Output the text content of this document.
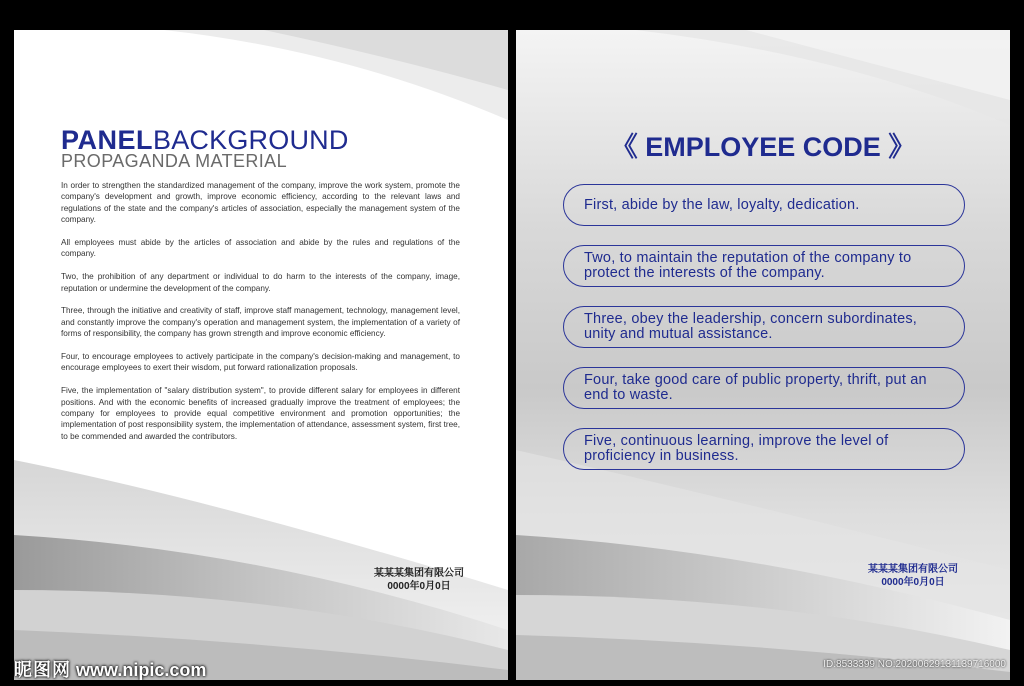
PANELBACKGROUND
PROPAGANDA MATERIAL

In order to strengthen the standardized management of the company, improve the work system, promote the company's development and growth, improve economic efficiency, according to the relevant laws and regulations of the state and the company's articles of association, especially the management system of the company.

All employees must abide by the articles of association and abide by the rules and regulations of the company.

Two, the prohibition of any department or individual to do harm to the interests of the company, image, reputation or undermine the development of the company.

Three, through the initiative and creativity of staff, improve staff management, technology, management level, and constantly improve the company's operation and management system, the implementation of a variety of forms of responsibility, the company has grown strength and improve economic efficiency.

Four, to encourage employees to actively participate in the company's decision-making and management, to encourage employees to exert their wisdom, put forward rationalization proposals.

Five, the implementation of "salary distribution system", to provide different salary for employees in different positions. And with the economic benefits of increased gradually improve the treatment of employees; the company for employees to provide equal competitive environment and promotion opportunities; the implementation of post responsibility system, the implementation of attendance, assessment system, first tree, to be commended and awarded the contributors.

某某某集团有限公司
0000年0月0日
《 EMPLOYEE CODE 》
First, abide by the law, loyalty, dedication.
Two, to maintain the reputation of the company to protect the interests of the company.
Three, obey the leadership, concern subordinates, unity and mutual assistance.
Four, take good care of public property, thrift, put an end to waste.
Five, continuous learning, improve the level of proficiency in business.
某某某集团有限公司
0000年0月0日
昵图网 www.nipic.com	ID:8533399 NO:20200629131139716000
